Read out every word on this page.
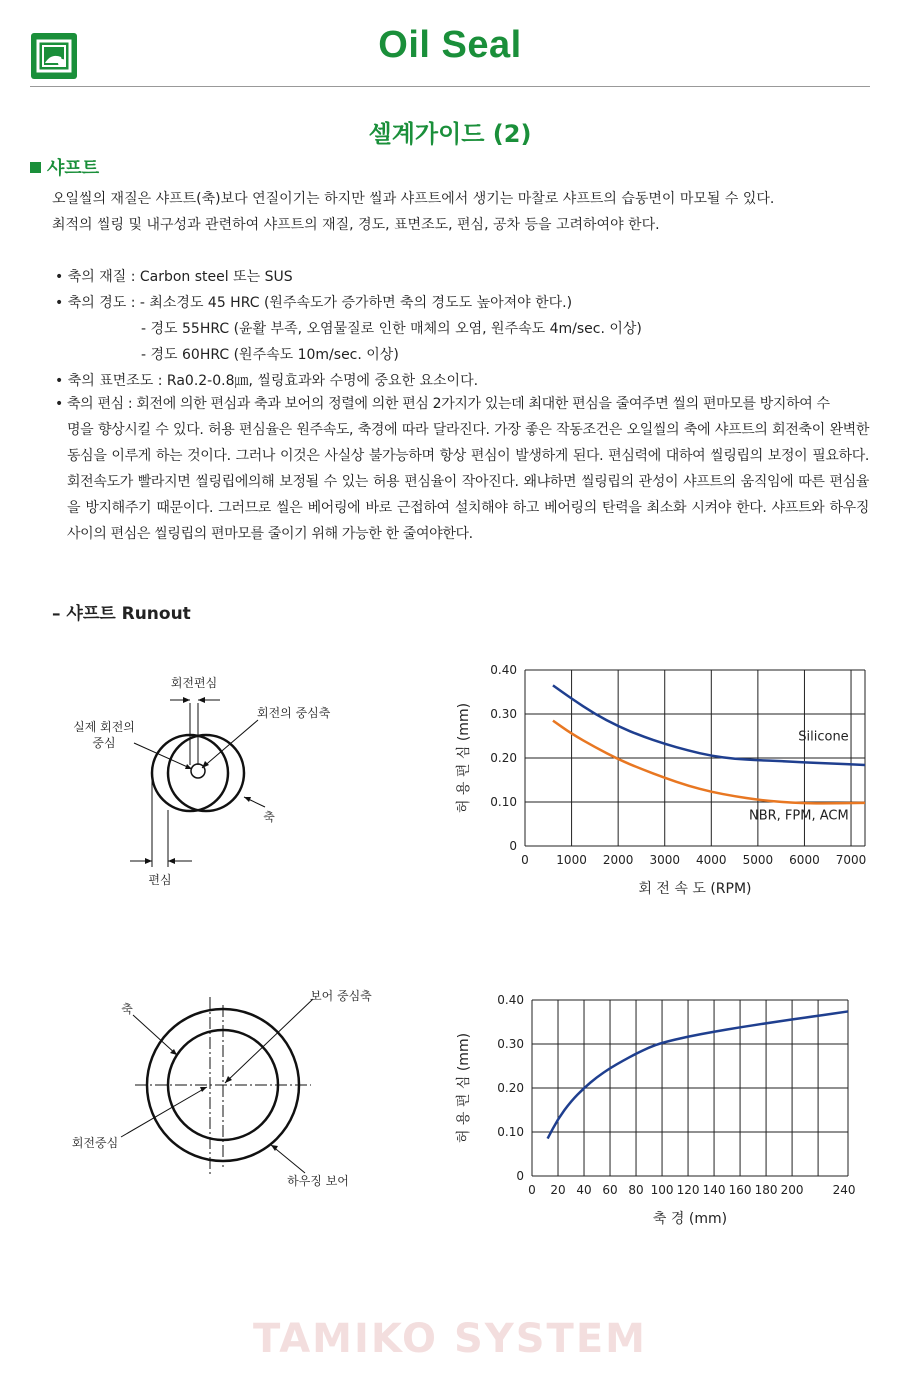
Oil Seal
셀계가이드 (2)
샤프트
오일씰의 재질은 샤프트(축)보다 연질이기는 하지만 씰과 샤프트에서 생기는 마찰로 샤프트의 습동면이 마모될 수 있다.
최적의 씰링 및 내구성과 관련하여 샤프트의 재질, 경도, 표면조도, 편심, 공차 등을 고려하여야 한다.
• 축의 재질 : Carbon steel 또는 SUS
• 축의 경도 : - 최소경도 45 HRC (원주속도가 증가하면 축의 경도도 높아져야 한다.)
- 경도 55HRC (윤활 부족, 오염물질로 인한 매체의 오염, 원주속도 4m/sec. 이상)
- 경도 60HRC (원주속도 10m/sec. 이상)
• 축의 표면조도 : Ra0.2-0.8㎛, 씰링효과와 수명에 중요한 요소이다.
• 축의 편심 : 회전에 의한 편심과 축과 보어의 정렬에 의한 편심 2가지가 있는데 최대한 편심을 줄여주면 씰의 편마모를 방지하여 수
명을 향상시킬 수 있다. 허용 편심율은 원주속도, 축경에 따라 달라진다. 가장 좋은 작동조건은 오일씰의 축에 샤프트의 회전축이 완벽한 동심을 이루게 하는 것이다. 그러나 이것은 사실상 불가능하며 항상 편심이 발생하게 된다. 편심력에 대하여 씰링립의 보정이 필요하다. 회전속도가 빨라지면 씰링립에의해 보정될 수 있는 허용 편심율이 작아진다. 왜냐하면 씰링립의 관성이 샤프트의 움직임에 따른 편심율을 방지해주기 때문이다. 그러므로 씰은 베어링에 바로 근접하여 설치해야 하고 베어링의 탄력을 최소화 시켜야 한다. 샤프트와 하우징 사이의 편심은 씰링립의 편마모를 줄이기 위해 가능한 한 줄여야한다.
– 샤프트 Runout
회전편심
회전의 중심축
실제 회전의
중심
축
편심
0 1000 2000 3000 4000 5000 6000 7000
0
0.10
0.20
0.30
0.40
회 전 속 도 (RPM)
허 용 편 심 (mm)	Silicone
NBR, FPM, ACM
축
보어 중심축
회전중심
하우징 보어
0 20 40 60 80 100 120 140 160 180 200 240
0
0.10
0.20
0.30
0.40
축 경 (mm)
허 용 편 심 (mm)
TAMIKO SYSTEM
